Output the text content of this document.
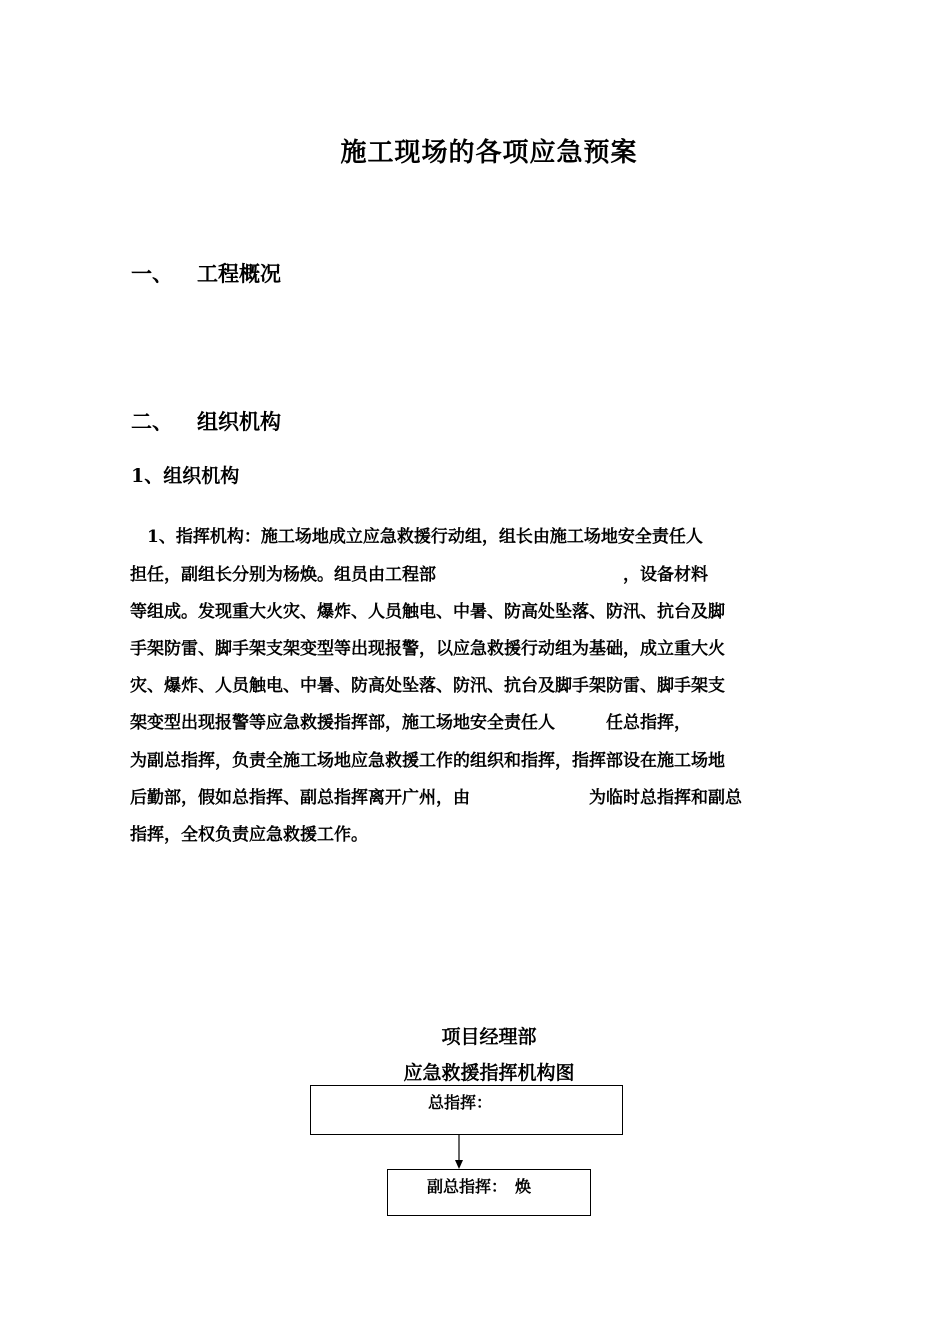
施工现场的各项应急预案
一、 工程概况
二、 组织机构
1、组织机构
　1、指挥机构：施工场地成立应急救援行动组，组长由施工场地安全责任人
担任，副组长分别为杨焕。组员由工程部　　　　　　　　　　　，设备材料
等组成。发现重大火灾、爆炸、人员触电、中暑、防高处坠落、防汛、抗台及脚
手架防雷、脚手架支架变型等出现报警，以应急救援行动组为基础，成立重大火
灾、爆炸、人员触电、中暑、防高处坠落、防汛、抗台及脚手架防雷、脚手架支
架变型出现报警等应急救援指挥部，施工场地安全责任人　　　任总指挥，
为副总指挥，负责全施工场地应急救援工作的组织和指挥，指挥部设在施工场地
后勤部，假如总指挥、副总指挥离开广州，由　　　　　　　为临时总指挥和副总
指挥，全权负责应急救援工作。
项目经理部
应急救援指挥机构图
总指挥：
副总指挥：　焕
